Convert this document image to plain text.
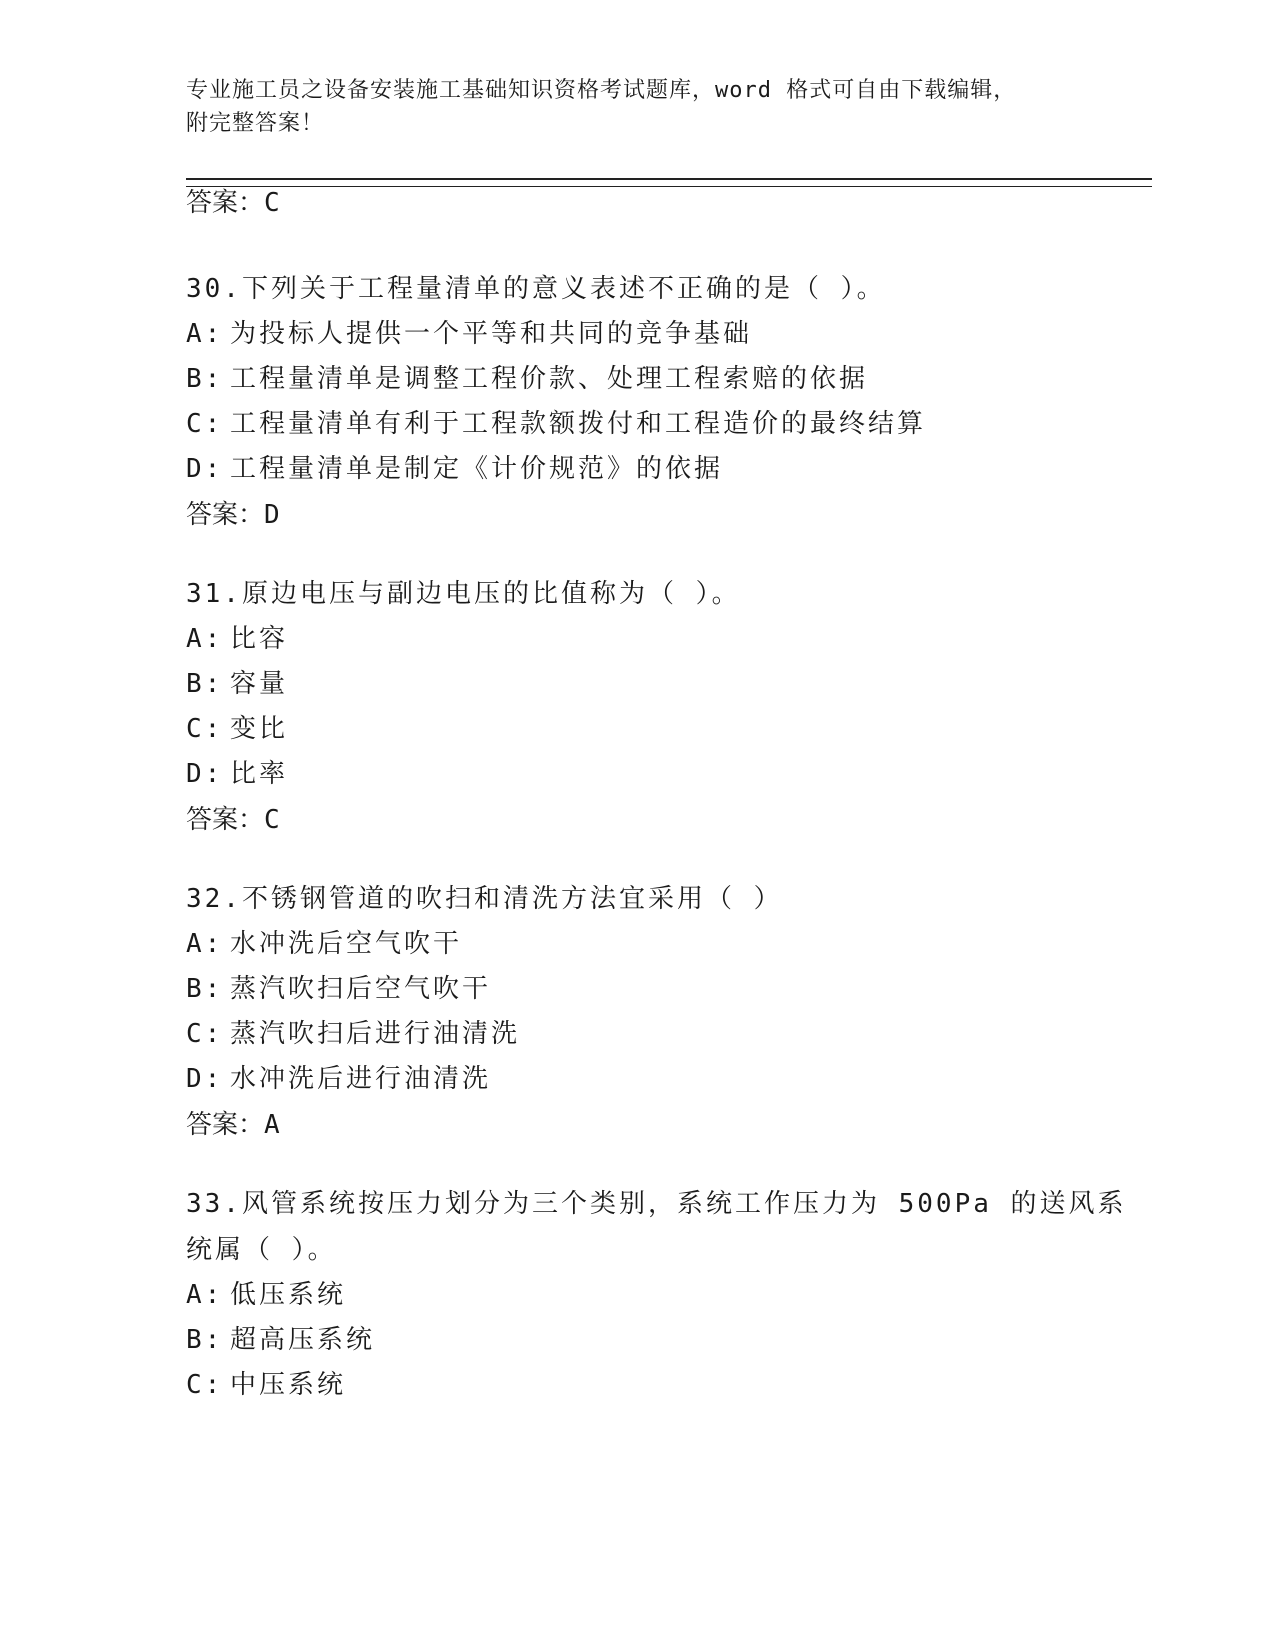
专业施工员之设备安装施工基础知识资格考试题库，word 格式可自由下载编辑，
附完整答案！
答案：C

30.下列关于工程量清单的意义表述不正确的是（ ）。

A: 为投标人提供一个平等和共同的竞争基础

B: 工程量清单是调整工程价款、处理工程索赔的依据

C: 工程量清单有利于工程款额拨付和工程造价的最终结算

D: 工程量清单是制定《计价规范》的依据

答案：D

31.原边电压与副边电压的比值称为（ ）。

A: 比容

B: 容量

C: 变比

D: 比率

答案：C

32.不锈钢管道的吹扫和清洗方法宜采用（ ）

A: 水冲洗后空气吹干

B: 蒸汽吹扫后空气吹干

C: 蒸汽吹扫后进行油清洗

D: 水冲洗后进行油清洗

答案：A

33.风管系统按压力划分为三个类别，系统工作压力为 500Pa 的送风系

统属（ ）。

A: 低压系统

B: 超高压系统

C: 中压系统
